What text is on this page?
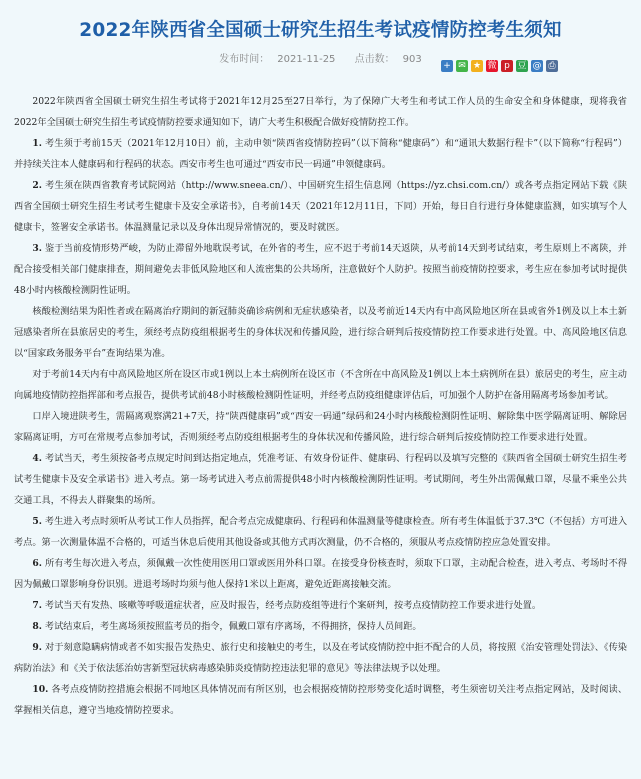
2022年陕西省全国硕士研究生招生考试疫情防控考生须知
发布时间： 2021-11-25 点击数： 903
+ ✉ ★ 微 p 豆 @ ⎙

2022年陕西省全国硕士研究生招生考试将于2021年12月25至27日举行，为了保障广大考生和考试工作人员的生命安全和身体健康，现将我省2022年全国硕士研究生招生考试疫情防控要求通知如下，请广大考生积极配合做好疫情防控工作。

1. 考生须于考前15天（2021年12月10日）前，主动申领“陕西省疫情防控码”（以下简称“健康码”）和“通讯大数据行程卡”（以下简称“行程码”）并持续关注本人健康码和行程码的状态。西安市考生也可通过“西安市民一码通”申领健康码。

2. 考生须在陕西省教育考试院网站（http://www.sneea.cn/）、中国研究生招生信息网（https://yz.chsi.com.cn/）或各考点指定网站下载《陕西省全国硕士研究生招生考试考生健康卡及安全承诺书》，自考前14天（2021年12月11日，下同）开始，每日自行进行身体健康监测，如实填写个人健康卡，签署安全承诺书。体温测量记录以及身体出现异常情况的，要及时就医。

3. 鉴于当前疫情形势严峻，为防止滞留外地耽误考试，在外省的考生，应不迟于考前14天返陕，从考前14天到考试结束，考生原则上不离陕，并配合接受相关部门健康排查，期间避免去非低风险地区和人流密集的公共场所，注意做好个人防护。按照当前疫情防控要求，考生应在参加考试时提供48小时内核酸检测阴性证明。

核酸检测结果为阳性者或在隔离治疗期间的新冠肺炎确诊病例和无症状感染者，以及考前近14天内有中高风险地区所在县或省外1例及以上本土新冠感染者所在县旅居史的考生，须经考点防疫组根据考生的身体状况和传播风险，进行综合研判后按疫情防控工作要求进行处置。中、高风险地区信息以“国家政务服务平台”查询结果为准。

对于考前14天内有中高风险地区所在设区市或1例以上本土病例所在设区市（不含所在中高风险及1例以上本土病例所在县）旅居史的考生，应主动向属地疫情防控指挥部和考点报告，提供考试前48小时核酸检测阴性证明，并经考点防疫组健康评估后，可加强个人防护在备用隔离考场参加考试。

口岸入境进陕考生，需隔离观察满21+7天，持“陕西健康码”或“西安一码通”绿码和24小时内核酸检测阴性证明、解除集中医学隔离证明、解除居家隔离证明，方可在常规考点参加考试，否则须经考点防疫组根据考生的身体状况和传播风险，进行综合研判后按疫情防控工作要求进行处置。

4. 考试当天，考生须按备考点规定时间到达指定地点，凭准考证、有效身份证件、健康码、行程码以及填写完整的《陕西省全国硕士研究生招生考试考生健康卡及安全承诺书》进入考点。第一场考试进入考点前需提供48小时内核酸检测阴性证明。考试期间，考生外出需佩戴口罩，尽量不乘坐公共交通工具，不得去人群聚集的场所。

5. 考生进入考点时须听从考试工作人员指挥，配合考点完成健康码、行程码和体温测量等健康检查。所有考生体温低于37.3℃（不包括）方可进入考点。第一次测量体温不合格的，可适当休息后使用其他设备或其他方式再次测量，仍不合格的，须服从考点疫情防控应急处置安排。

6. 所有考生每次进入考点，须佩戴一次性使用医用口罩或医用外科口罩。在接受身份核查时，须取下口罩，主动配合检查，进入考点、考场时不得因为佩戴口罩影响身份识别。进退考场时均须与他人保持1米以上距离，避免近距离接触交流。

7. 考试当天有发热、咳嗽等呼吸道症状者，应及时报告，经考点防疫组等进行个案研判，按考点疫情防控工作要求进行处置。

8. 考试结束后，考生离场须按照监考员的指令，佩戴口罩有序离场，不得拥挤，保持人员间距。

9. 对于刻意隐瞒病情或者不如实报告发热史、旅行史和接触史的考生，以及在考试疫情防控中拒不配合的人员，将按照《治安管理处罚法》、《传染病防治法》和《关于依法惩治妨害新型冠状病毒感染肺炎疫情防控违法犯罪的意见》等法律法规予以处理。

10. 各考点疫情防控措施会根据不同地区具体情况而有所区别，也会根据疫情防控形势变化适时调整，考生须密切关注考点指定网站，及时阅读、掌握相关信息，遵守当地疫情防控要求。
